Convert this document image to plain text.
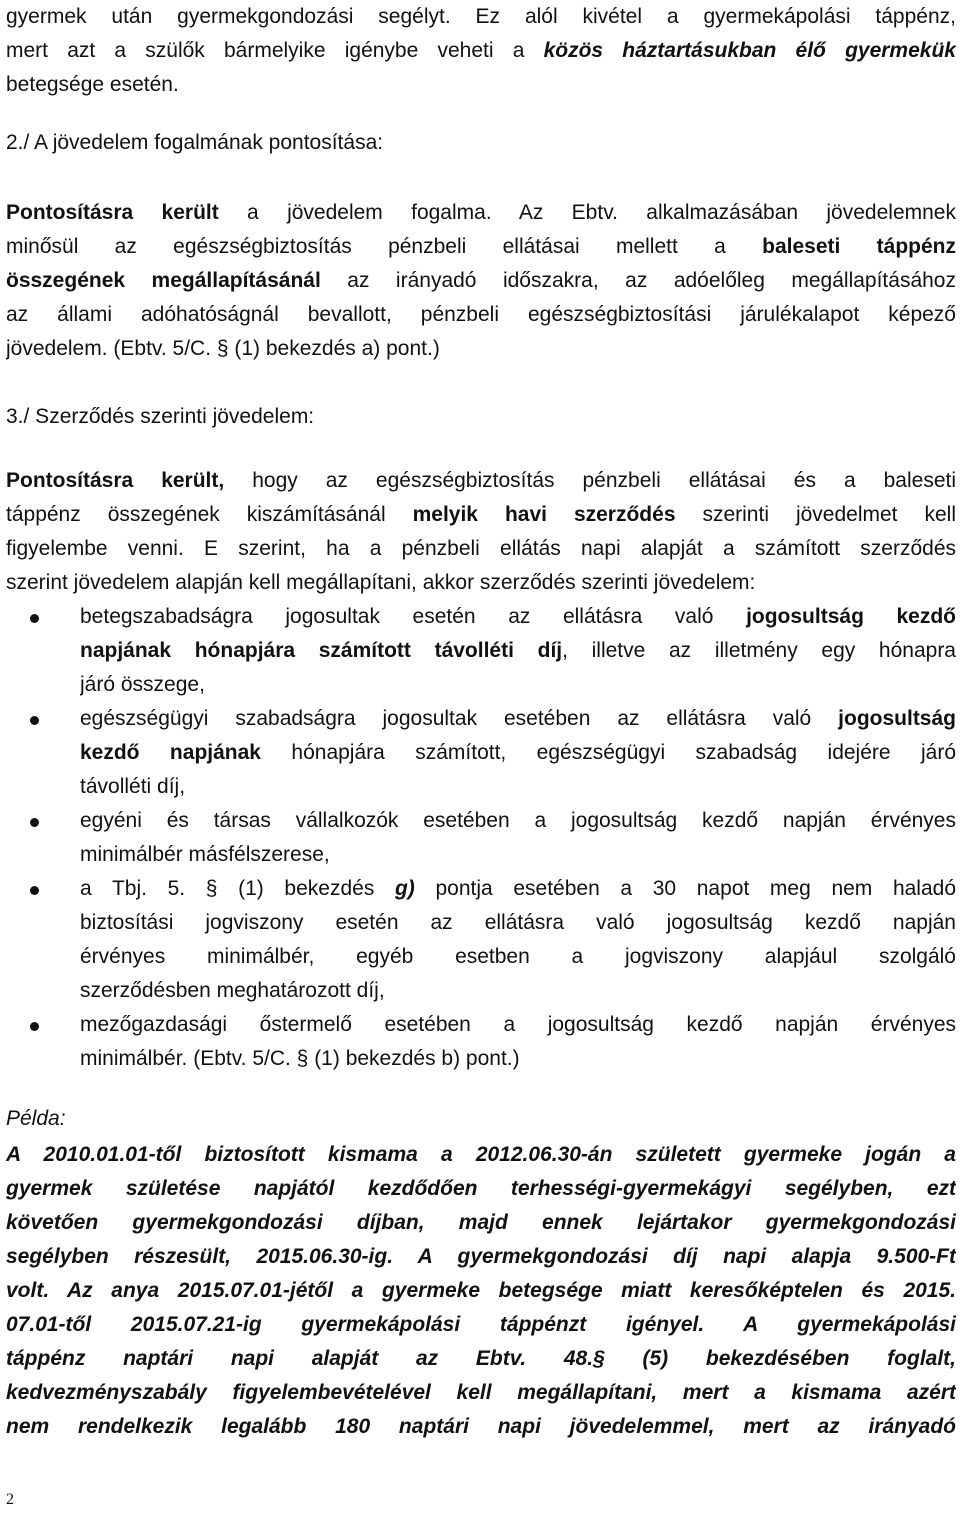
gyermek után gyermekgondozási segélyt. Ez alól kivétel a gyermekápolási táppénz,
mert azt a szülők bármelyike igénybe veheti a közös háztartásukban élő gyermekük
betegsége esetén.
2./ A jövedelem fogalmának pontosítása:
Pontosításra került a jövedelem fogalma. Az Ebtv. alkalmazásában jövedelemnek
minősül az egészségbiztosítás pénzbeli ellátásai mellett a baleseti táppénz
összegének megállapításánál az irányadó időszakra, az adóelőleg megállapításához
az állami adóhatóságnál bevallott, pénzbeli egészségbiztosítási járulékalapot képező
jövedelem. (Ebtv. 5/C. § (1) bekezdés a) pont.)
3./ Szerződés szerinti jövedelem:
Pontosításra került, hogy az egészségbiztosítás pénzbeli ellátásai és a baleseti
táppénz összegének kiszámításánál melyik havi szerződés szerinti jövedelmet kell
figyelembe venni. E szerint, ha a pénzbeli ellátás napi alapját a számított szerződés
szerint jövedelem alapján kell megállapítani, akkor szerződés szerinti jövedelem:
betegszabadságra jogosultak esetén az ellátásra való jogosultság kezdő
napjának hónapjára számított távolléti díj, illetve az illetmény egy hónapra
járó összege,
egészségügyi szabadságra jogosultak esetében az ellátásra való jogosultság
kezdő napjának hónapjára számított, egészségügyi szabadság idejére járó
távolléti díj,
egyéni és társas vállalkozók esetében a jogosultság kezdő napján érvényes
minimálbér másfélszerese,
a Tbj. 5. § (1) bekezdés g) pontja esetében a 30 napot meg nem haladó
biztosítási jogviszony esetén az ellátásra való jogosultság kezdő napján
érvényes minimálbér, egyéb esetben a jogviszony alapjául szolgáló
szerződésben meghatározott díj,
mezőgazdasági őstermelő esetében a jogosultság kezdő napján érvényes
minimálbér. (Ebtv. 5/C. § (1) bekezdés b) pont.)
Példa:
A 2010.01.01-től biztosított kismama a 2012.06.30-án született gyermeke jogán a
gyermek születése napjától kezdődően terhességi-gyermekágyi segélyben, ezt
követően gyermekgondozási díjban, majd ennek lejártakor gyermekgondozási
segélyben részesült, 2015.06.30-ig. A gyermekgondozási díj napi alapja 9.500-Ft
volt. Az anya 2015.07.01-jétől a gyermeke betegsége miatt keresőképtelen és 2015.
07.01-től 2015.07.21-ig gyermekápolási táppénzt igényel. A gyermekápolási
táppénz naptári napi alapját az Ebtv. 48.§ (5) bekezdésében foglalt,
kedvezményszabály figyelembevételével kell megállapítani, mert a kismama azért
nem rendelkezik legalább 180 naptári napi jövedelemmel, mert az irányadó
2
